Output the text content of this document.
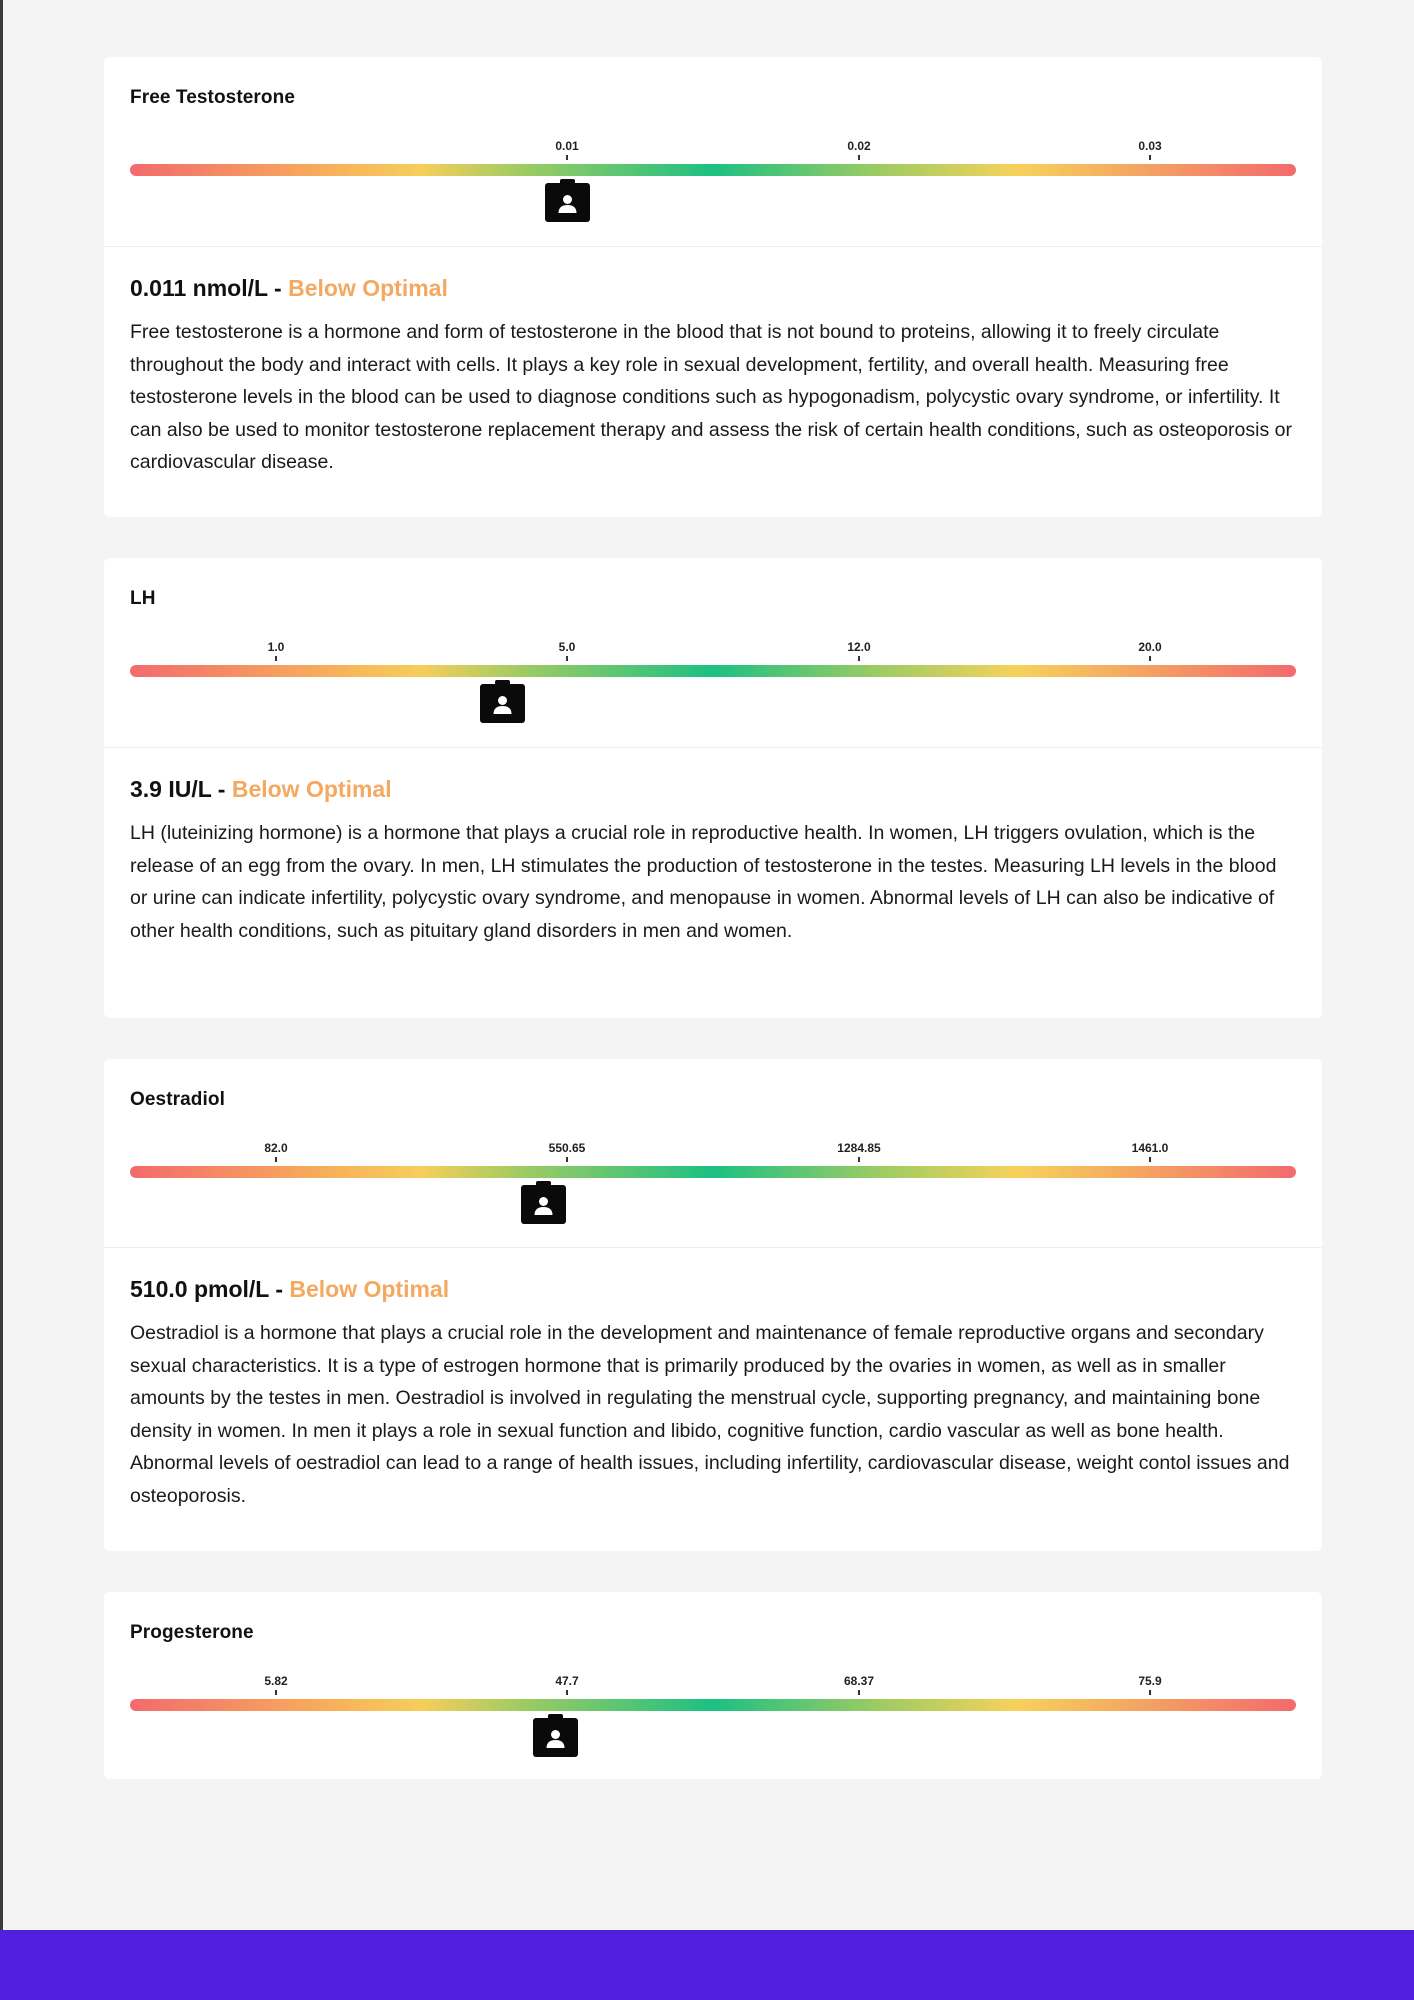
Free Testosterone
0.01	0.02	0.03

0.011 nmol/L - Below Optimal

Free testosterone is a hormone and form of testosterone in the blood that is not bound to proteins, allowing it to freely circulate throughout the body and interact with cells. It plays a key role in sexual development, fertility, and overall health. Measuring free testosterone levels in the blood can be used to diagnose conditions such as hypogonadism, polycystic ovary syndrome, or infertility. It can also be used to monitor testosterone replacement therapy and assess the risk of certain health conditions, such as osteoporosis or cardiovascular disease.

LH
1.0	5.0	12.0	20.0

3.9 IU/L - Below Optimal

LH (luteinizing hormone) is a hormone that plays a crucial role in reproductive health. In women, LH triggers ovulation, which is the release of an egg from the ovary. In men, LH stimulates the production of testosterone in the testes. Measuring LH levels in the blood or urine can indicate infertility, polycystic ovary syndrome, and menopause in women. Abnormal levels of LH can also be indicative of other health conditions, such as pituitary gland disorders in men and women.

Oestradiol
82.0	550.65	1284.85	1461.0

510.0 pmol/L - Below Optimal

Oestradiol is a hormone that plays a crucial role in the development and maintenance of female reproductive organs and secondary sexual characteristics. It is a type of estrogen hormone that is primarily produced by the ovaries in women, as well as in smaller amounts by the testes in men. Oestradiol is involved in regulating the menstrual cycle, supporting pregnancy, and maintaining bone density in women. In men it plays a role in sexual function and libido, cognitive function, cardio vascular as well as bone health. Abnormal levels of oestradiol can lead to a range of health issues, including infertility, cardiovascular disease, weight contol issues and osteoporosis.

Progesterone
5.82	47.7	68.37	75.9
